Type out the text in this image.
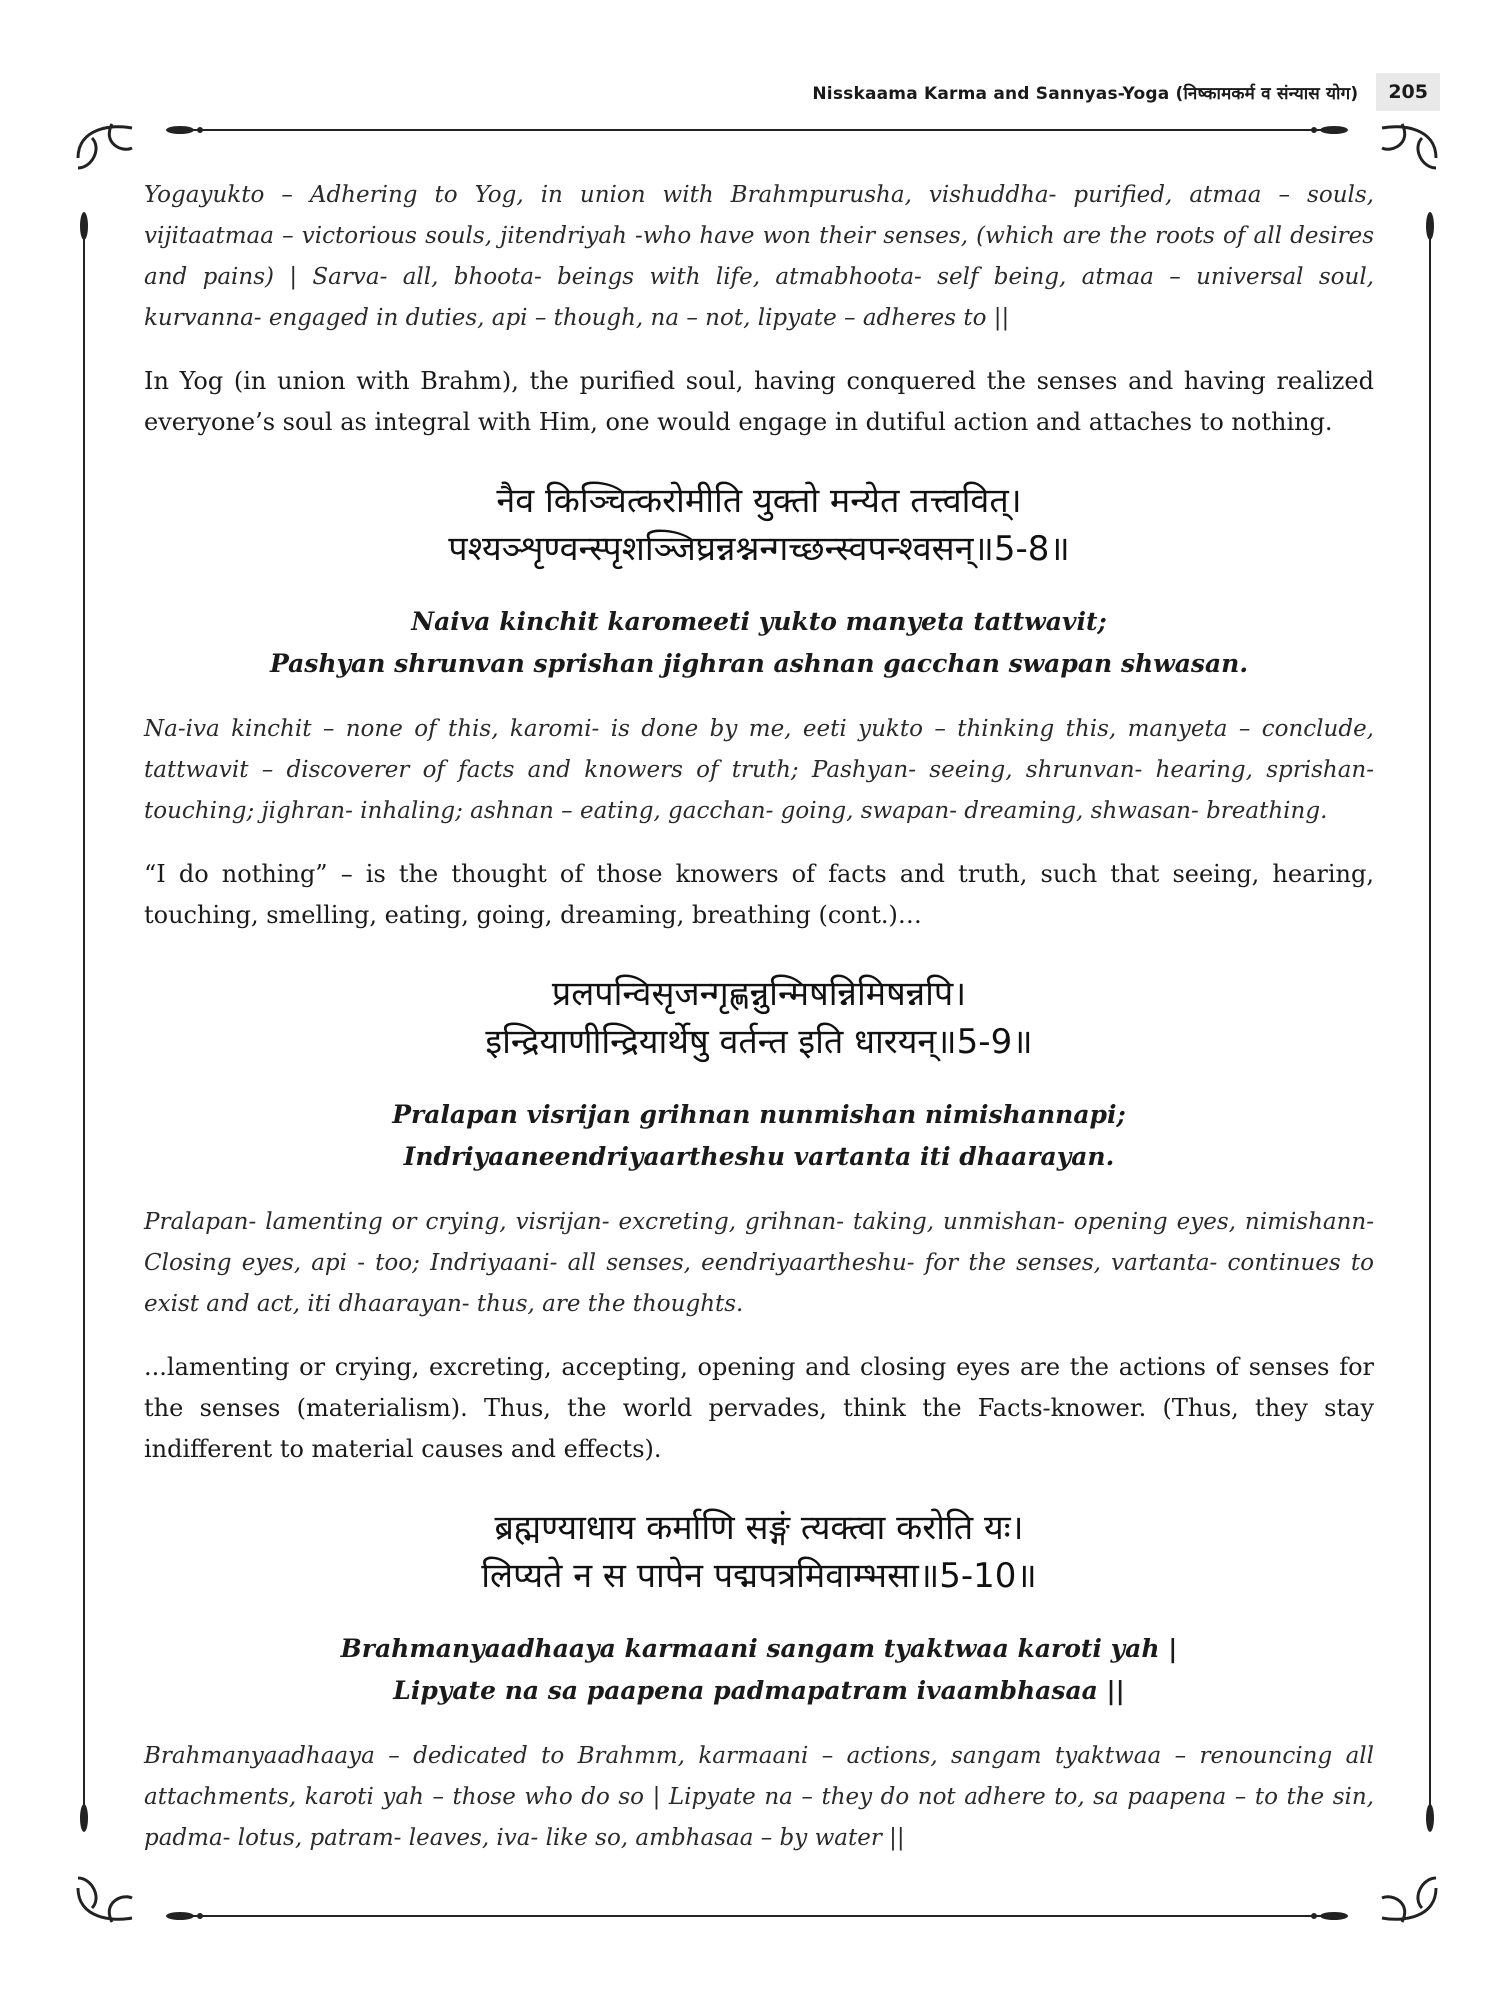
Nisskaama Karma and Sannyas-Yoga (निष्कामकर्म व संन्यास योग)	205

Yogayukto – Adhering to Yog, in union with Brahmpurusha, vishuddha- purified, atmaa – souls, vijitaatmaa – victorious souls, jitendriyah -who have won their senses, (which are the roots of all desires and pains) | Sarva- all, bhoota- beings with life, atmabhoota- self being, atmaa – universal soul, kurvanna- engaged in duties, api – though, na – not, lipyate – adheres to ||

In Yog (in union with Brahm), the purified soul, having conquered the senses and having realized everyone’s soul as integral with Him, one would engage in dutiful action and attaches to nothing.

नैव किञ्चित्करोमीति युक्तो मन्येत तत्त्ववित्।
पश्यञ्शृण्वन्स्पृशञ्जिघ्रन्नश्नन्गच्छन्स्वपन्श्वसन्॥5-8॥
Naiva kinchit karomeeti yukto manyeta tattwavit;
Pashyan shrunvan sprishan jighran ashnan gacchan swapan shwasan.

Na-iva kinchit – none of this, karomi- is done by me, eeti yukto – thinking this, manyeta – conclude, tattwavit – discoverer of facts and knowers of truth; Pashyan- seeing, shrunvan- hearing, sprishan- touching; jighran- inhaling; ashnan – eating, gacchan- going, swapan- dreaming, shwasan- breathing.

“I do nothing” – is the thought of those knowers of facts and truth, such that seeing, hearing, touching, smelling, eating, going, dreaming, breathing (cont.)…

प्रलपन्विसृजन्गृह्णन्नुन्मिषन्निमिषन्नपि।
इन्द्रियाणीन्द्रियार्थेषु वर्तन्त इति धारयन्॥5-9॥
Pralapan visrijan grihnan nunmishan nimishannapi;
Indriyaaneendriyaartheshu vartanta iti dhaarayan.

Pralapan- lamenting or crying, visrijan- excreting, grihnan- taking, unmishan- opening eyes, nimishann- Closing eyes, api - too; Indriyaani- all senses, eendriyaartheshu- for the senses, vartanta- continues to exist and act, iti dhaarayan- thus, are the thoughts.

...lamenting or crying, excreting, accepting, opening and closing eyes are the actions of senses for the senses (materialism). Thus, the world pervades, think the Facts-knower. (Thus, they stay indifferent to material causes and effects).

ब्रह्मण्याधाय कर्माणि सङ्गं त्यक्त्वा करोति यः।
लिप्यते न स पापेन पद्मपत्रमिवाम्भसा॥5-10॥
Brahmanyaadhaaya karmaani sangam tyaktwaa karoti yah |
Lipyate na sa paapena padmapatram ivaambhasaa ||

Brahmanyaadhaaya – dedicated to Brahmm, karmaani – actions, sangam tyaktwaa – renouncing all attachments, karoti yah – those who do so | Lipyate na – they do not adhere to, sa paapena – to the sin, padma- lotus, patram- leaves, iva- like so, ambhasaa – by water ||
